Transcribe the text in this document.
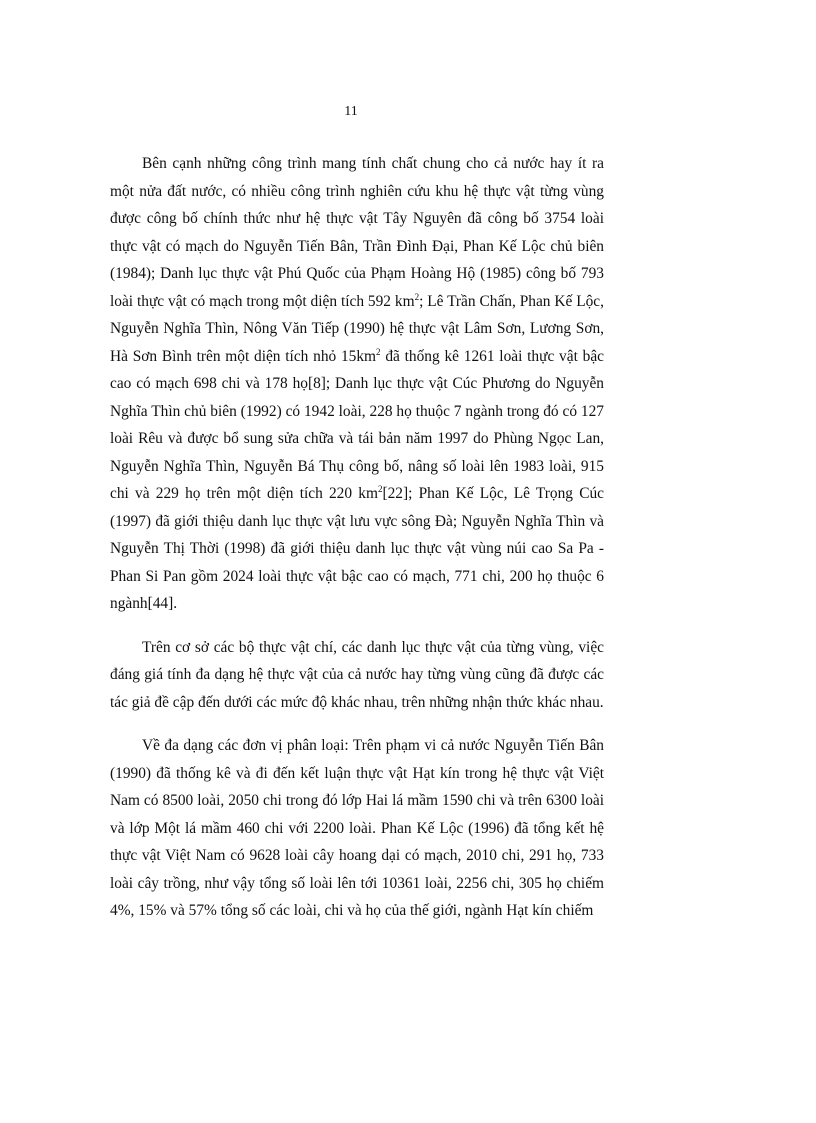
11

Bên cạnh những công trình mang tính chất chung cho cả nước hay ít ra một nửa đất nước, có nhiều công trình nghiên cứu khu hệ thực vật từng vùng được công bố chính thức như hệ thực vật Tây Nguyên đã công bố 3754 loài thực vật có mạch do Nguyễn Tiến Bân, Trần Đình Đại, Phan Kế Lộc chủ biên (1984); Danh lục thực vật Phú Quốc của Phạm Hoàng Hộ (1985) công bố 793 loài thực vật có mạch trong một diện tích 592 $km^2$; Lê Trần Chấn, Phan Kế Lộc, Nguyễn Nghĩa Thìn, Nông Văn Tiếp (1990) hệ thực vật Lâm Sơn, Lương Sơn, Hà Sơn Bình trên một diện tích nhỏ $15km^2$ đã thống kê 1261 loài thực vật bậc cao có mạch 698 chi và 178 họ[8]; Danh lục thực vật Cúc Phương do Nguyễn Nghĩa Thìn chủ biên (1992) có 1942 loài, 228 họ thuộc 7 ngành trong đó có 127 loài Rêu và được bổ sung sửa chữa và tái bản năm 1997 do Phùng Ngọc Lan, Nguyễn Nghĩa Thìn, Nguyễn Bá Thụ công bố, nâng số loài lên 1983 loài, 915 chi và 229 họ trên một diện tích 220 $km^2[22]$; Phan Kế Lộc, Lê Trọng Cúc (1997) đã giới thiệu danh lục thực vật lưu vực sông Đà; Nguyễn Nghĩa Thìn và Nguyễn Thị Thời (1998) đã giới thiệu danh lục thực vật vùng núi cao Sa Pa - Phan Si Pan gồm 2024 loài thực vật bậc cao có mạch, 771 chi, 200 họ thuộc 6 ngành[44].

Trên cơ sở các bộ thực vật chí, các danh lục thực vật của từng vùng, việc đáng giá tính đa dạng hệ thực vật của cả nước hay từng vùng cũng đã được các tác giả đề cập đến dưới các mức độ khác nhau, trên những nhận thức khác nhau.

Về đa dạng các đơn vị phân loại: Trên phạm vi cả nước Nguyễn Tiến Bân (1990) đã thống kê và đi đến kết luận thực vật Hạt kín trong hệ thực vật Việt Nam có 8500 loài, 2050 chi trong đó lớp Hai lá mầm 1590 chi và trên 6300 loài và lớp Một lá mầm 460 chi với 2200 loài. Phan Kế Lộc (1996) đã tổng kết hệ thực vật Việt Nam có 9628 loài cây hoang dại có mạch, 2010 chi, 291 họ, 733 loài cây trồng, như vậy tổng số loài lên tới 10361 loài, 2256 chi, 305 họ chiếm 4%, 15% và 57% tổng số các loài, chi và họ của thế giới, ngành Hạt kín chiếm
